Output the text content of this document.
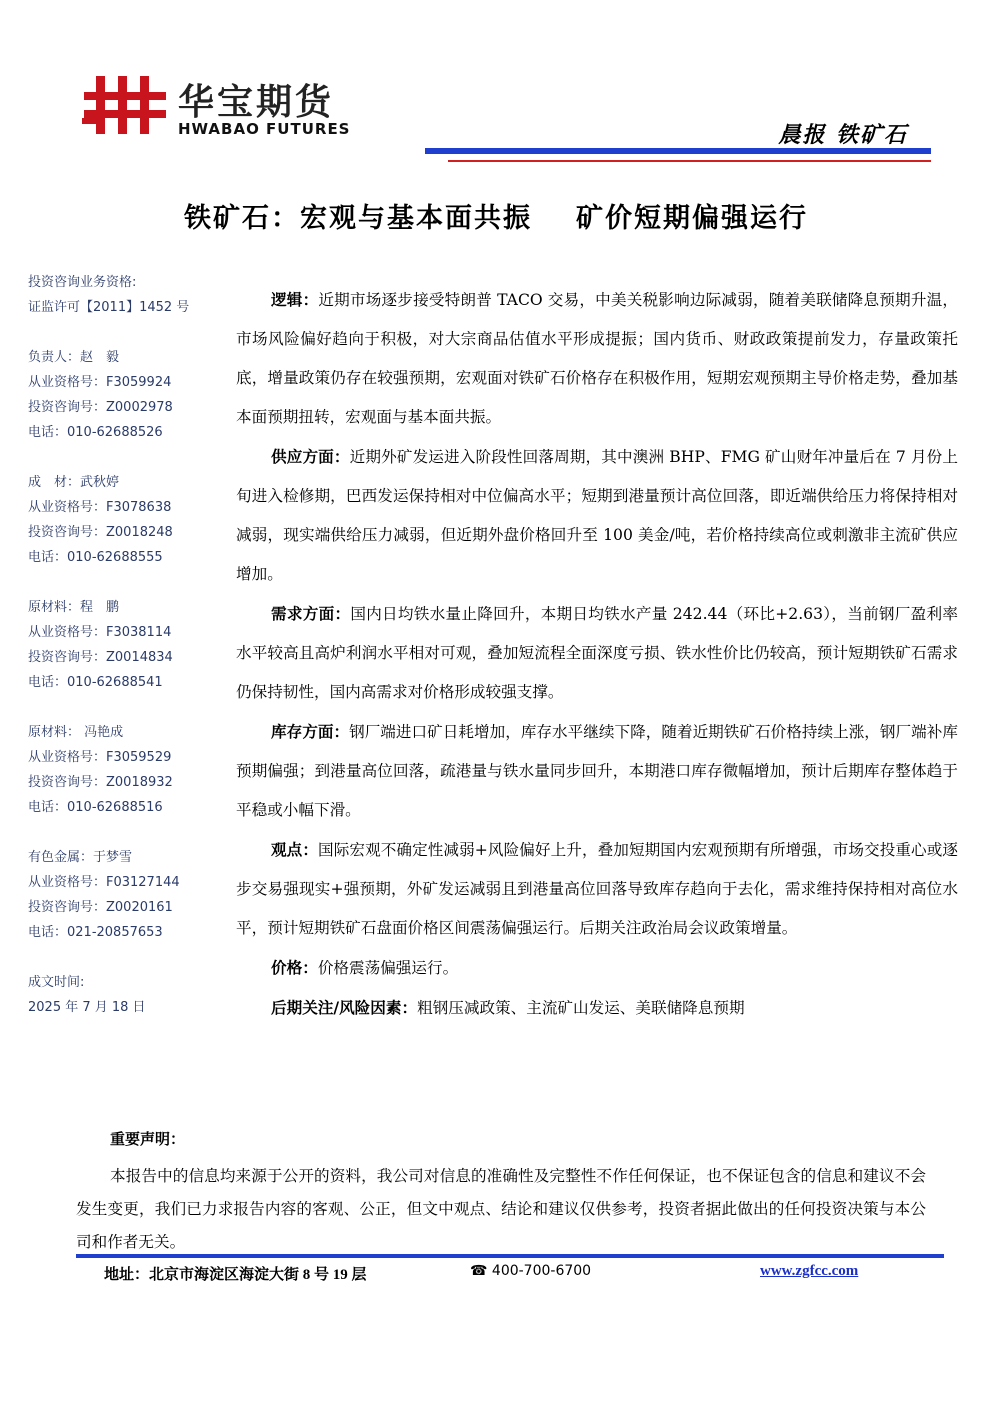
华宝期货
HWABAO FUTURES	晨报 铁矿石
铁矿石：宏观与基本面共振 矿价短期偏强运行
投资咨询业务资格:
证监许可【2011】1452 号
负责人：赵　毅
从业资格号：F3059924
投资咨询号：Z0002978
电话：010-62688526
成　材：武秋婷
从业资格号：F3078638
投资咨询号：Z0018248
电话：010-62688555
原材料：程　鹏
从业资格号：F3038114
投资咨询号：Z0014834
电话：010-62688541
原材料： 冯艳成
从业资格号：F3059529
投资咨询号：Z0018932
电话：010-62688516
有色金属：于梦雪
从业资格号：F03127144
投资咨询号：Z0020161
电话：021-20857653
成文时间:
2025 年 7 月 18 日

逻辑：近期市场逐步接受特朗普 TACO 交易，中美关税影响边际减弱，随着美联储降息预期升温，市场风险偏好趋向于积极，对大宗商品估值水平形成提振；国内货币、财政政策提前发力，存量政策托底，增量政策仍存在较强预期，宏观面对铁矿石价格存在积极作用，短期宏观预期主导价格走势，叠加基本面预期扭转，宏观面与基本面共振。

供应方面：近期外矿发运进入阶段性回落周期，其中澳洲 BHP、FMG 矿山财年冲量后在 7 月份上旬进入检修期，巴西发运保持相对中位偏高水平；短期到港量预计高位回落，即近端供给压力将保持相对减弱，现实端供给压力减弱，但近期外盘价格回升至 100 美金/吨，若价格持续高位或刺激非主流矿供应增加。

需求方面：国内日均铁水量止降回升，本期日均铁水产量 242.44（环比+2.63），当前钢厂盈利率水平较高且高炉利润水平相对可观，叠加短流程全面深度亏损、铁水性价比仍较高，预计短期铁矿石需求仍保持韧性，国内高需求对价格形成较强支撑。

库存方面：钢厂端进口矿日耗增加，库存水平继续下降，随着近期铁矿石价格持续上涨，钢厂端补库预期偏强；到港量高位回落，疏港量与铁水量同步回升，本期港口库存微幅增加，预计后期库存整体趋于平稳或小幅下滑。

观点：国际宏观不确定性减弱+风险偏好上升，叠加短期国内宏观预期有所增强，市场交投重心或逐步交易强现实+强预期，外矿发运减弱且到港量高位回落导致库存趋向于去化，需求维持保持相对高位水平，预计短期铁矿石盘面价格区间震荡偏强运行。后期关注政治局会议政策增量。

价格：价格震荡偏强运行。

后期关注/风险因素：粗钢压减政策、主流矿山发运、美联储降息预期

重要声明：

本报告中的信息均来源于公开的资料，我公司对信息的准确性及完整性不作任何保证，也不保证包含的信息和建议不会发生变更，我们已力求报告内容的客观、公正，但文中观点、结论和建议仅供参考，投资者据此做出的任何投资决策与本公司和作者无关。

地址：北京市海淀区海淀大街 8 号 19 层	☎ 400-700-6700	www.zgfcc.com
